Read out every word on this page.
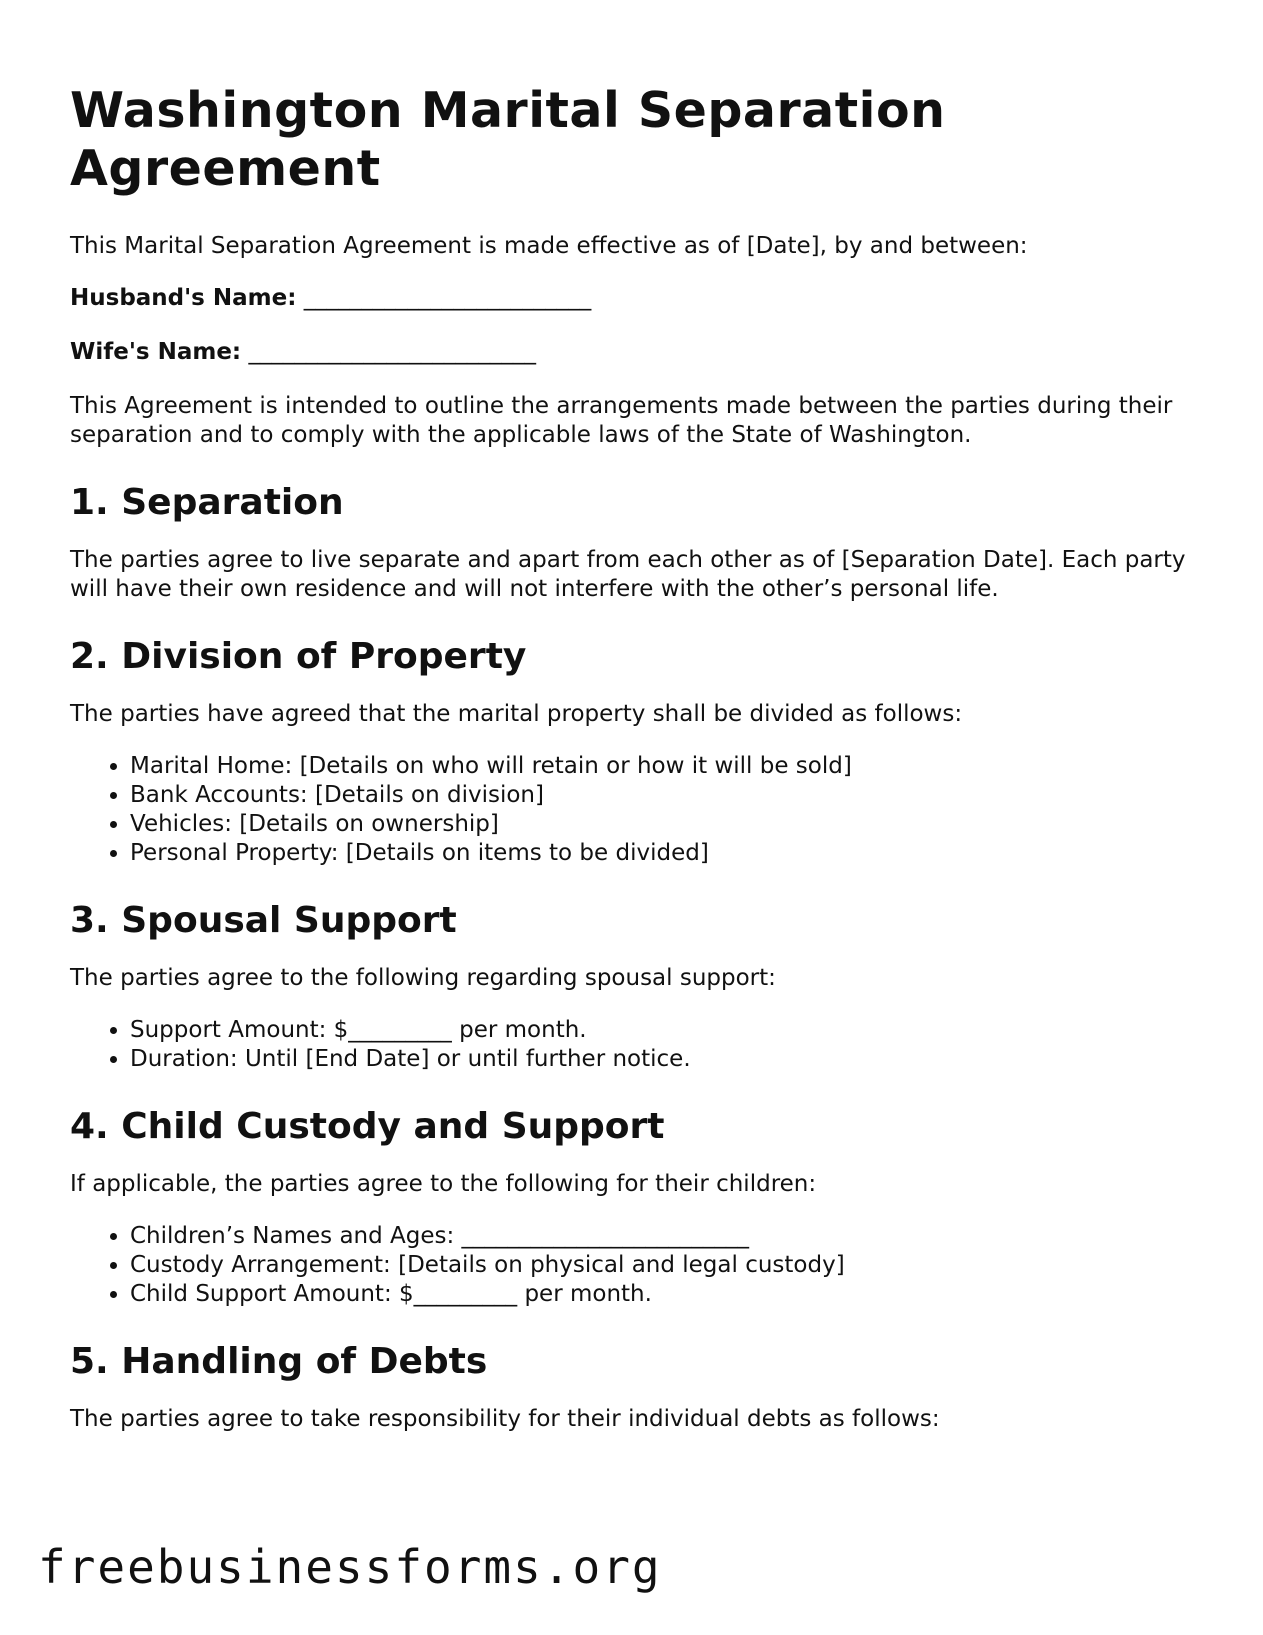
Washington Marital Separation Agreement

This Marital Separation Agreement is made effective as of [Date], by and between:

Husband's Name: _________________________
Wife's Name: _________________________

This Agreement is intended to outline the arrangements made between the parties during their separation and to comply with the applicable laws of the State of Washington.

1. Separation

The parties agree to live separate and apart from each other as of [Separation Date]. Each party will have their own residence and will not interfere with the other’s personal life.

2. Division of Property

The parties have agreed that the marital property shall be divided as follows:

• Marital Home: [Details on who will retain or how it will be sold]
• Bank Accounts: [Details on division]
• Vehicles: [Details on ownership]
• Personal Property: [Details on items to be divided]
3. Spousal Support

The parties agree to the following regarding spousal support:

• Support Amount: $_________ per month.
• Duration: Until [End Date] or until further notice.
4. Child Custody and Support

If applicable, the parties agree to the following for their children:

• Children’s Names and Ages: _________________________
• Custody Arrangement: [Details on physical and legal custody]
• Child Support Amount: $_________ per month.
5. Handling of Debts

The parties agree to take responsibility for their individual debts as follows:

freebusinessforms.org
